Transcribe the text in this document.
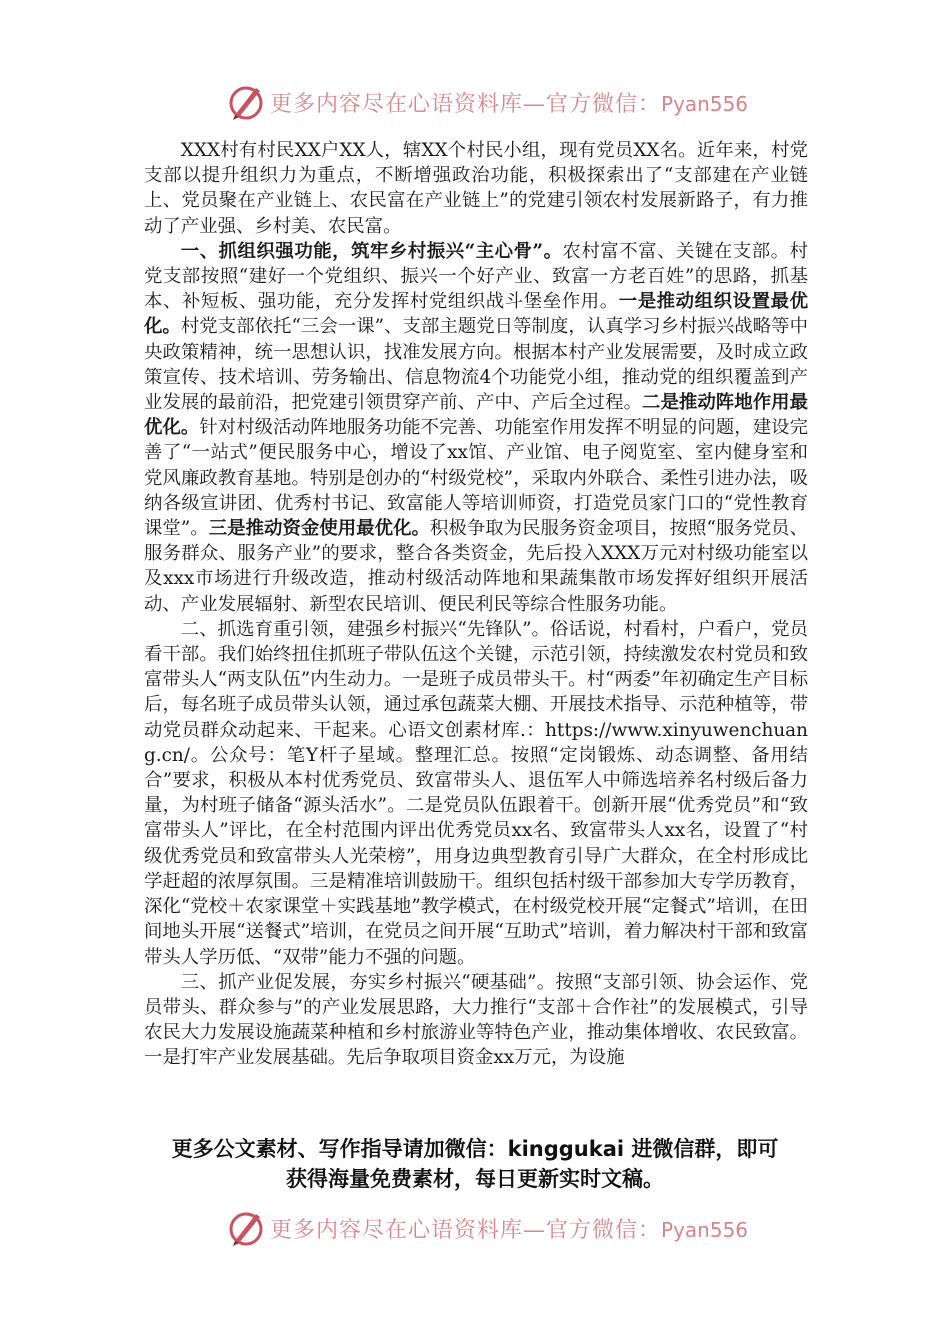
更多内容尽在心语资料库—官方微信：Pyan556

XXX村有村民XX户XX人，辖XX个村民小组，现有党员XX名。近年来，村党支部以提升组织力为重点，不断增强政治功能，积极探索出了“支部建在产业链上、党员聚在产业链上、农民富在产业链上”的党建引领农村发展新路子，有力推动了产业强、乡村美、农民富。

一、抓组织强功能，筑牢乡村振兴“主心骨”。农村富不富、关键在支部。村党支部按照“建好一个党组织、振兴一个好产业、致富一方老百姓”的思路，抓基本、补短板、强功能，充分发挥村党组织战斗堡垒作用。一是推动组织设置最优化。村党支部依托“三会一课”、支部主题党日等制度，认真学习乡村振兴战略等中央政策精神，统一思想认识，找准发展方向。根据本村产业发展需要，及时成立政策宣传、技术培训、劳务输出、信息物流4个功能党小组，推动党的组织覆盖到产业发展的最前沿，把党建引领贯穿产前、产中、产后全过程。二是推动阵地作用最优化。针对村级活动阵地服务功能不完善、功能室作用发挥不明显的问题，建设完善了“一站式”便民服务中心，增设了xx馆、产业馆、电子阅览室、室内健身室和党风廉政教育基地。特别是创办的“村级党校”，采取内外联合、柔性引进办法，吸纳各级宣讲团、优秀村书记、致富能人等培训师资，打造党员家门口的“党性教育课堂”。三是推动资金使用最优化。积极争取为民服务资金项目，按照“服务党员、服务群众、服务产业”的要求，整合各类资金，先后投入XXX万元对村级功能室以及xxx市场进行升级改造，推动村级活动阵地和果蔬集散市场发挥好组织开展活动、产业发展辐射、新型农民培训、便民利民等综合性服务功能。

二、抓选育重引领，建强乡村振兴“先锋队”。俗话说，村看村，户看户，党员看干部。我们始终扭住抓班子带队伍这个关键，示范引领，持续激发农村党员和致富带头人“两支队伍”内生动力。一是班子成员带头干。村“两委”年初确定生产目标后，每名班子成员带头认领，通过承包蔬菜大棚、开展技术指导、示范种植等，带动党员群众动起来、干起来。心语文创素材库.：https://www.xinyuwenchuang.cn/。公众号：笔Y杆子星域。整理汇总。按照“定岗锻炼、动态调整、备用结合”要求，积极从本村优秀党员、致富带头人、退伍军人中筛选培养名村级后备力量，为村班子储备“源头活水”。二是党员队伍跟着干。创新开展“优秀党员”和“致富带头人”评比，在全村范围内评出优秀党员xx名、致富带头人xx名，设置了“村级优秀党员和致富带头人光荣榜”，用身边典型教育引导广大群众，在全村形成比学赶超的浓厚氛围。三是精准培训鼓励干。组织包括村级干部参加大专学历教育，深化“党校＋农家课堂＋实践基地”教学模式，在村级党校开展“定餐式”培训，在田间地头开展“送餐式”培训，在党员之间开展“互助式”培训，着力解决村干部和致富带头人学历低、“双带”能力不强的问题。

三、抓产业促发展，夯实乡村振兴“硬基础”。按照“支部引领、协会运作、党员带头、群众参与”的产业发展思路，大力推行“支部＋合作社”的发展模式，引导农民大力发展设施蔬菜种植和乡村旅游业等特色产业，推动集体增收、农民致富。一是打牢产业发展基础。先后争取项目资金xx万元，为设施

更多公文素材、写作指导请加微信：kinggukai 进微信群，即可
获得海量免费素材，每日更新实时文稿。
更多内容尽在心语资料库—官方微信：Pyan556
